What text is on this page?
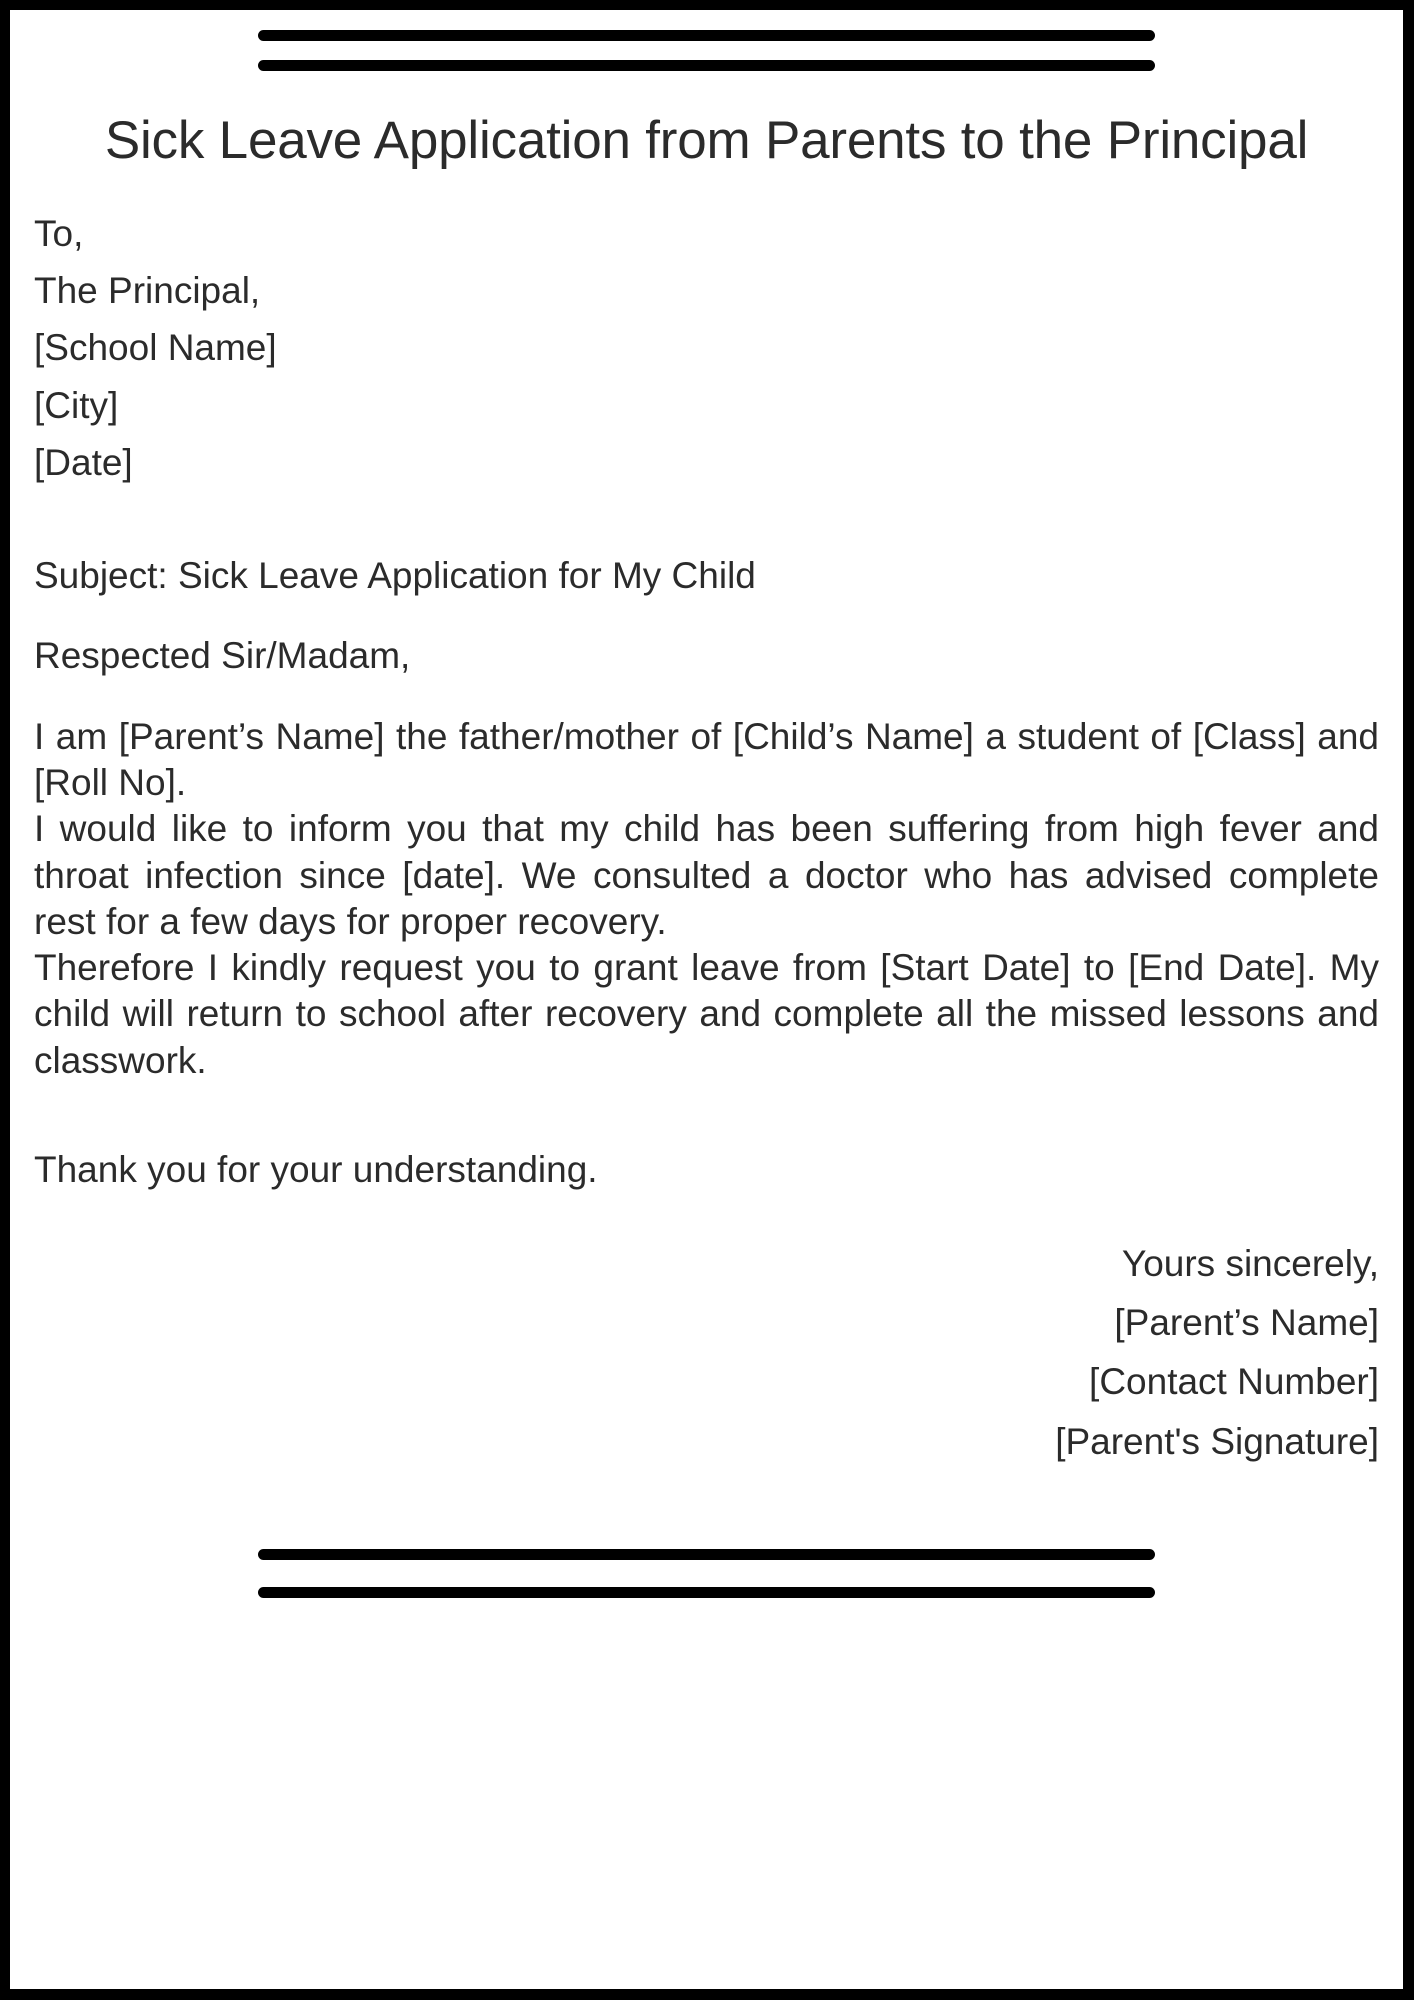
Sick Leave Application from Parents to the Principal
To,
The Principal,
[School Name]
[City]
[Date]
Subject: Sick Leave Application for My Child
Respected Sir/Madam,

I am [Parent’s Name] the father/mother of [Child’s Name] a student of [Class] and [Roll No].

I would like to inform you that my child has been suffering from high fever and throat infection since [date]. We consulted a doctor who has advised complete rest for a few days for proper recovery.

Therefore I kindly request you to grant leave from [Start Date] to [End Date]. My child will return to school after recovery and complete all the missed lessons and classwork.

Thank you for your understanding.
Yours sincerely,
[Parent’s Name]
[Contact Number]
[Parent's Signature]
